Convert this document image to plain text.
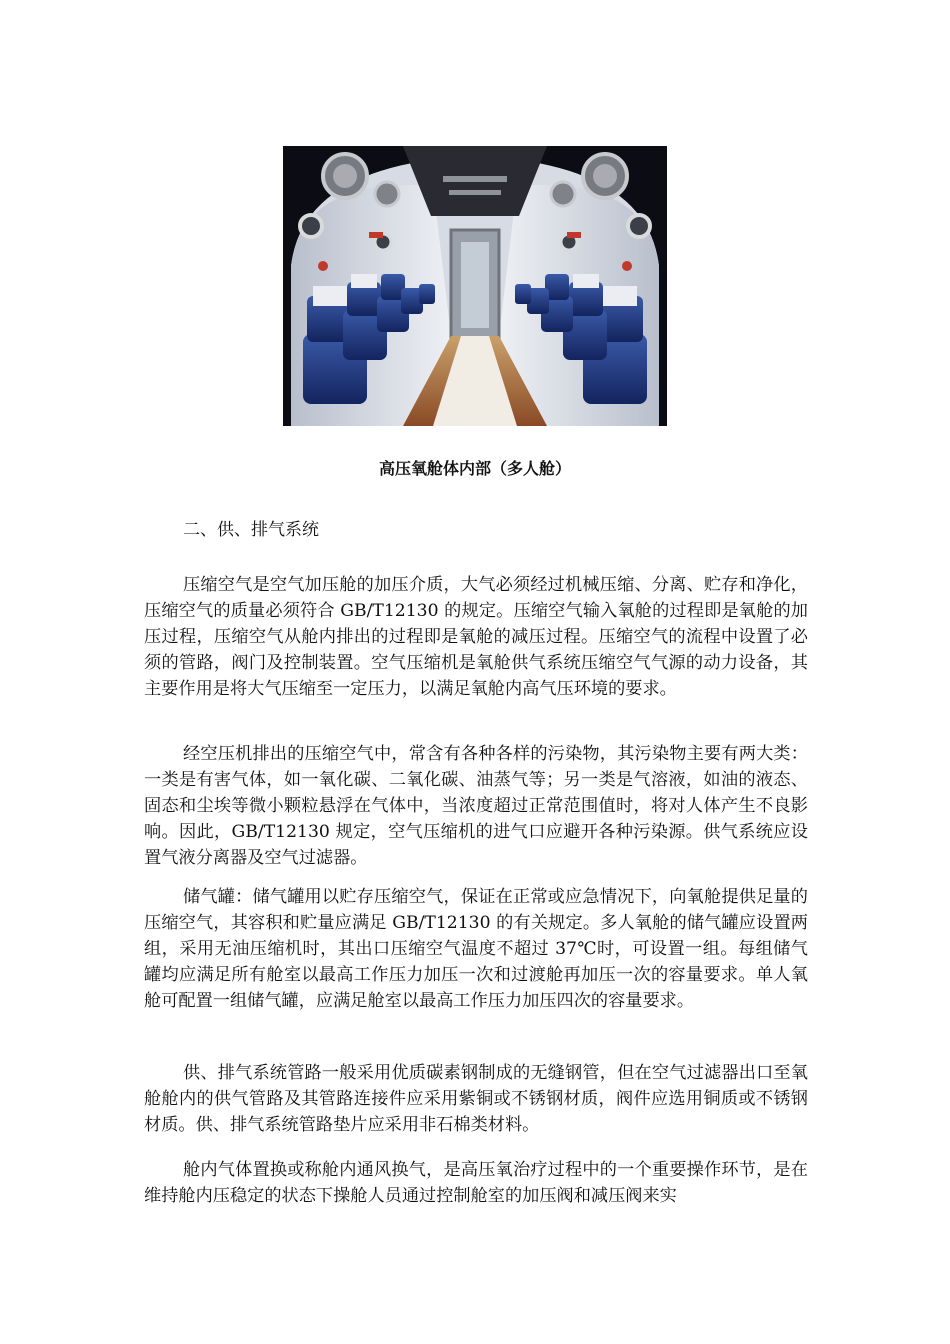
高压氧舱体内部（多人舱）

二、供、排气系统

压缩空气是空气加压舱的加压介质，大气必须经过机械压缩、分离、贮存和净化，压缩空气的质量必须符合 GB/T12130 的规定。压缩空气输入氧舱的过程即是氧舱的加压过程，压缩空气从舱内排出的过程即是氧舱的减压过程。压缩空气的流程中设置了必须的管路，阀门及控制装置。空气压缩机是氧舱供气系统压缩空气气源的动力设备，其主要作用是将大气压缩至一定压力，以满足氧舱内高气压环境的要求。

经空压机排出的压缩空气中，常含有各种各样的污染物，其污染物主要有两大类：一类是有害气体，如一氧化碳、二氧化碳、油蒸气等；另一类是气溶液，如油的液态、固态和尘埃等微小颗粒悬浮在气体中，当浓度超过正常范围值时，将对人体产生不良影响。因此，GB/T12130 规定，空气压缩机的进气口应避开各种污染源。供气系统应设置气液分离器及空气过滤器。

储气罐：储气罐用以贮存压缩空气，保证在正常或应急情况下，向氧舱提供足量的压缩空气，其容积和贮量应满足 GB/T12130 的有关规定。多人氧舱的储气罐应设置两组，采用无油压缩机时，其出口压缩空气温度不超过 37℃时，可设置一组。每组储气罐均应满足所有舱室以最高工作压力加压一次和过渡舱再加压一次的容量要求。单人氧舱可配置一组储气罐，应满足舱室以最高工作压力加压四次的容量要求。

供、排气系统管路一般采用优质碳素钢制成的无缝钢管，但在空气过滤器出口至氧舱舱内的供气管路及其管路连接件应采用紫铜或不锈钢材质，阀件应选用铜质或不锈钢材质。供、排气系统管路垫片应采用非石棉类材料。

舱内气体置换或称舱内通风换气，是高压氧治疗过程中的一个重要操作环节，是在维持舱内压稳定的状态下操舱人员通过控制舱室的加压阀和减压阀来实
